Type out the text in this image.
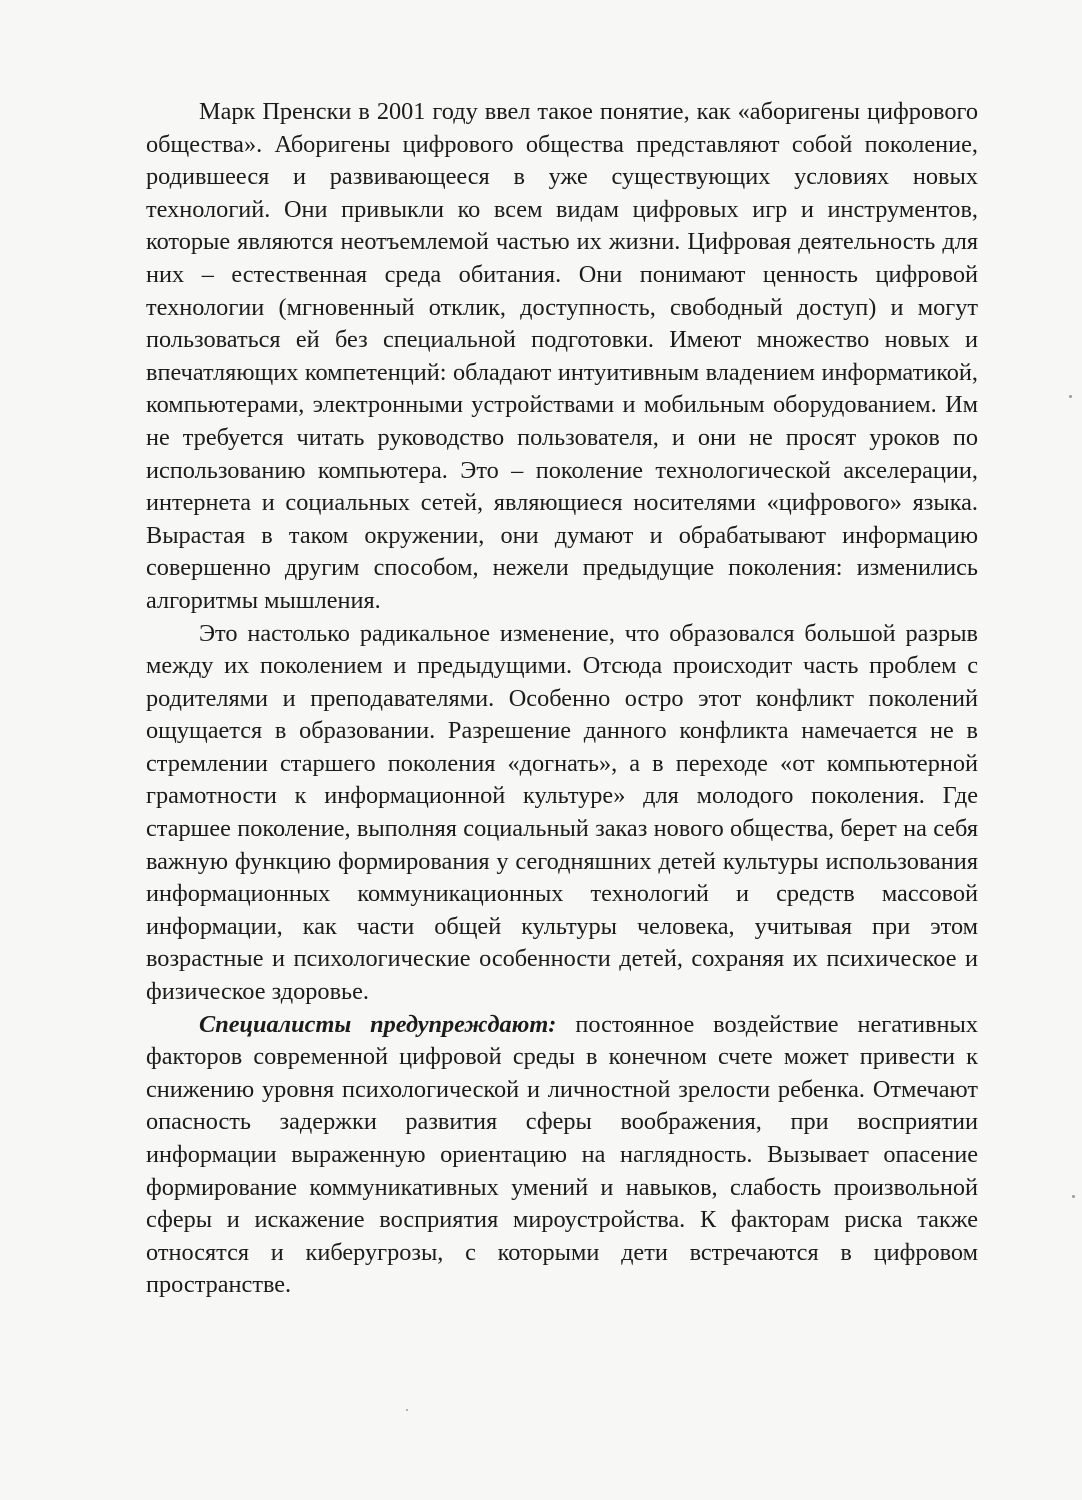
Марк Пренски в 2001 году ввел такое понятие, как «аборигены цифрового общества». Аборигены цифрового общества представляют собой поколение, родившееся и развивающееся в уже существующих условиях новых технологий. Они привыкли ко всем видам цифровых игр и инструментов, которые являются неотъемлемой частью их жизни. Цифровая деятельность для них – естественная среда обитания. Они понимают ценность цифровой технологии (мгновенный отклик, доступность, свободный доступ) и могут пользоваться ей без специальной подготовки. Имеют множество новых и впечатляющих компетенций: обладают интуитивным владением информатикой, компьютерами, электронными устройствами и мобильным оборудованием. Им не требуется читать руководство пользователя, и они не просят уроков по использованию компьютера. Это – поколение технологической акселерации, интернета и социальных сетей, являющиеся носителями «цифрового» языка. Вырастая в таком окружении, они думают и обрабатывают информацию совершенно другим способом, нежели предыдущие поколения: изменились алгоритмы мышления.

Это настолько радикальное изменение, что образовался большой разрыв между их поколением и предыдущими. Отсюда происходит часть проблем с родителями и преподавателями. Особенно остро этот конфликт поколений ощущается в образовании. Разрешение данного конфликта намечается не в стремлении старшего поколения «догнать», а в переходе «от компьютерной грамотности к информационной культуре» для молодого поколения. Где старшее поколение, выполняя социальный заказ нового общества, берет на себя важную функцию формирования у сегодняшних детей культуры использования информационных коммуникационных технологий и средств массовой информации, как части общей культуры человека, учитывая при этом возрастные и психологические особенности детей, сохраняя их психическое и физическое здоровье.

Специалисты предупреждают: постоянное воздействие негативных факторов современной цифровой среды в конечном счете может привести к снижению уровня психологической и личностной зрелости ребенка. Отмечают опасность задержки развития сферы воображения, при восприятии информации выраженную ориентацию на наглядность. Вызывает опасение формирование коммуникативных умений и навыков, слабость произвольной сферы и искажение восприятия мироустройства. К факторам риска также относятся и киберугрозы, с которыми дети встречаются в цифровом пространстве.
